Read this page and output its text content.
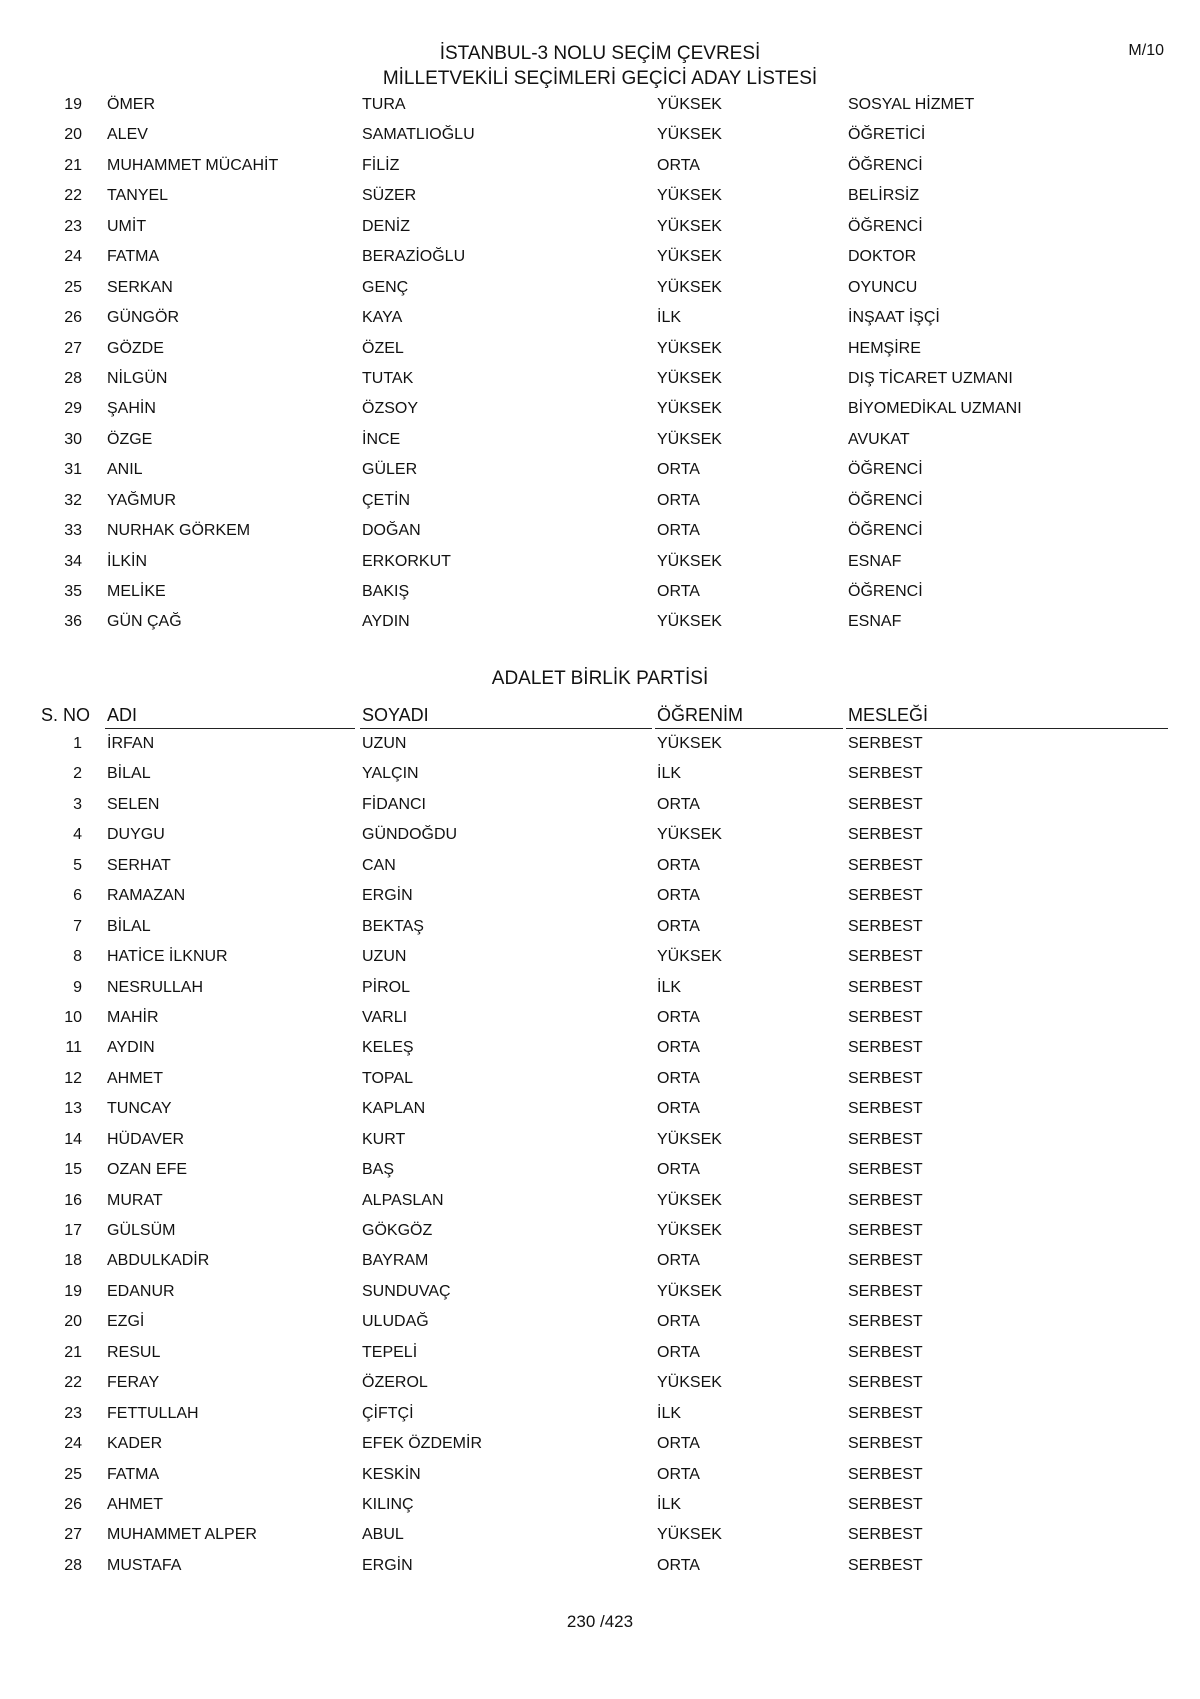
M/10
İSTANBUL-3 NOLU SEÇİM ÇEVRESİ
MİLLETVEKİLİ SEÇİMLERİ GEÇİCİ ADAY LİSTESİ
19 ÖMER	TURA	YÜKSEK	SOSYAL HİZMET
20 ALEV	SAMATLIOĞLU	YÜKSEK	ÖĞRETİCİ
21 MUHAMMET MÜCAHİT	FİLİZ	ORTA	ÖĞRENCİ
22 TANYEL	SÜZER	YÜKSEK	BELİRSİZ
23 UMİT	DENİZ	YÜKSEK	ÖĞRENCİ
24 FATMA	BERAZİOĞLU	YÜKSEK	DOKTOR
25 SERKAN	GENÇ	YÜKSEK	OYUNCU
26 GÜNGÖR	KAYA	İLK	İNŞAAT İŞÇİ
27 GÖZDE	ÖZEL	YÜKSEK	HEMŞİRE
28 NİLGÜN	TUTAK	YÜKSEK	DIŞ TİCARET UZMANI
29 ŞAHİN	ÖZSOY	YÜKSEK	BİYOMEDİKAL UZMANI
30 ÖZGE	İNCE	YÜKSEK	AVUKAT
31 ANIL	GÜLER	ORTA	ÖĞRENCİ
32 YAĞMUR	ÇETİN	ORTA	ÖĞRENCİ
33 NURHAK GÖRKEM	DOĞAN	ORTA	ÖĞRENCİ
34 İLKİN	ERKORKUT	YÜKSEK	ESNAF
35 MELİKE	BAKIŞ	ORTA	ÖĞRENCİ
36 GÜN ÇAĞ	AYDIN	YÜKSEK	ESNAF
ADALET BİRLİK PARTİSİ
S. NO ADI	SOYADI	ÖĞRENİM	MESLEĞİ
1 İRFAN	UZUN	YÜKSEK	SERBEST
2 BİLAL	YALÇIN	İLK	SERBEST
3 SELEN	FİDANCI	ORTA	SERBEST
4 DUYGU	GÜNDOĞDU	YÜKSEK	SERBEST
5 SERHAT	CAN	ORTA	SERBEST
6 RAMAZAN	ERGİN	ORTA	SERBEST
7 BİLAL	BEKTAŞ	ORTA	SERBEST
8 HATİCE İLKNUR	UZUN	YÜKSEK	SERBEST
9 NESRULLAH	PİROL	İLK	SERBEST
10 MAHİR	VARLI	ORTA	SERBEST
11 AYDIN	KELEŞ	ORTA	SERBEST
12 AHMET	TOPAL	ORTA	SERBEST
13 TUNCAY	KAPLAN	ORTA	SERBEST
14 HÜDAVER	KURT	YÜKSEK	SERBEST
15 OZAN EFE	BAŞ	ORTA	SERBEST
16 MURAT	ALPASLAN	YÜKSEK	SERBEST
17 GÜLSÜM	GÖKGÖZ	YÜKSEK	SERBEST
18 ABDULKADİR	BAYRAM	ORTA	SERBEST
19 EDANUR	SUNDUVAÇ	YÜKSEK	SERBEST
20 EZGİ	ULUDAĞ	ORTA	SERBEST
21 RESUL	TEPELİ	ORTA	SERBEST
22 FERAY	ÖZEROL	YÜKSEK	SERBEST
23 FETTULLAH	ÇİFTÇİ	İLK	SERBEST
24 KADER	EFEK ÖZDEMİR	ORTA	SERBEST
25 FATMA	KESKİN	ORTA	SERBEST
26 AHMET	KILINÇ	İLK	SERBEST
27 MUHAMMET ALPER	ABUL	YÜKSEK	SERBEST
28 MUSTAFA	ERGİN	ORTA	SERBEST
230 /423
